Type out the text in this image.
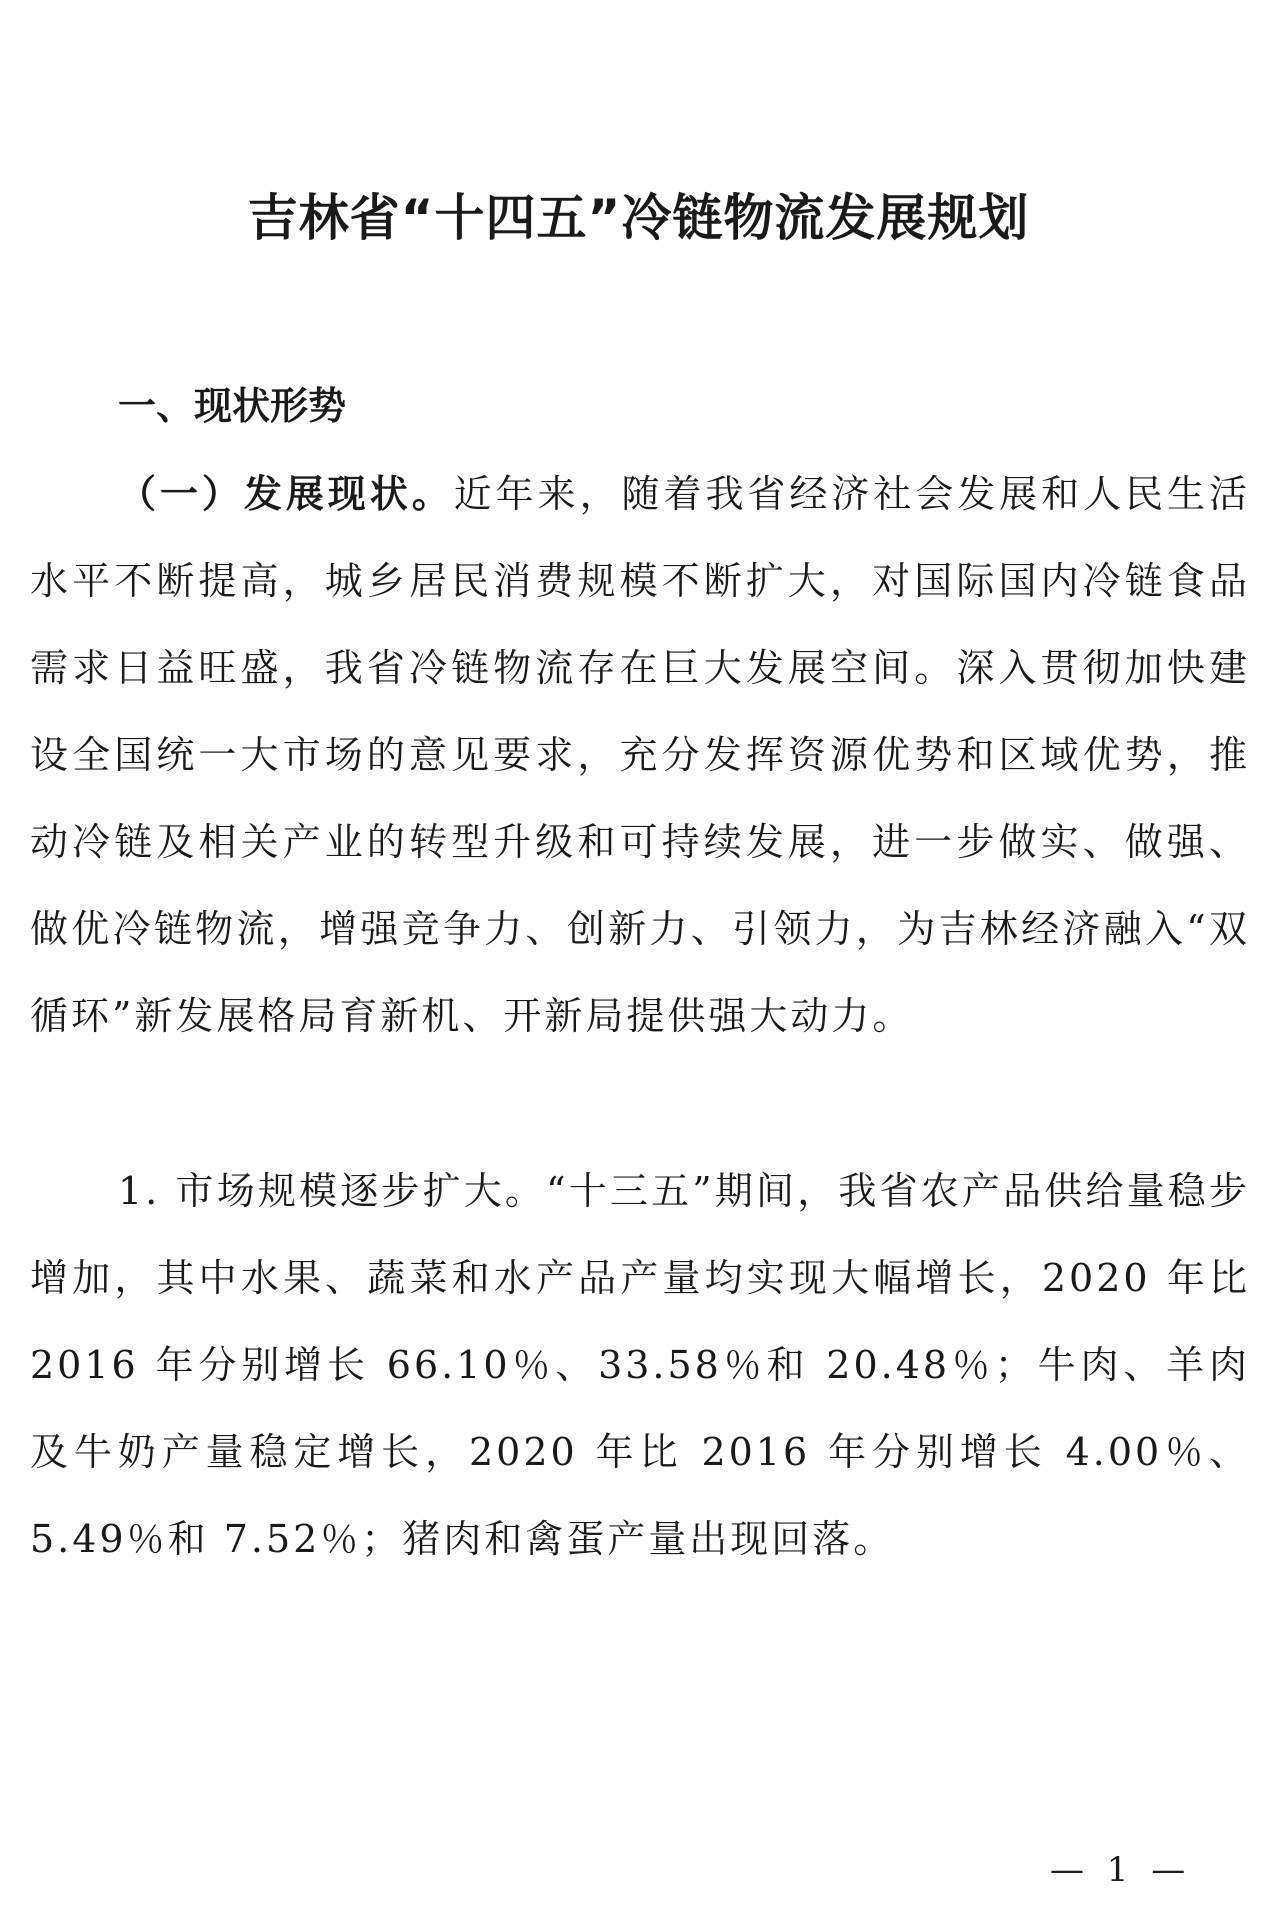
吉林省“十四五”冷链物流发展规划
一、现状形势

（一）发展现状。近年来，随着我省经济社会发展和人民生活水平不断提高，城乡居民消费规模不断扩大，对国际国内冷链食品需求日益旺盛，我省冷链物流存在巨大发展空间。深入贯彻加快建设全国统一大市场的意见要求，充分发挥资源优势和区域优势，推动冷链及相关产业的转型升级和可持续发展，进一步做实、做强、做优冷链物流，增强竞争力、创新力、引领力，为吉林经济融入“双循环”新发展格局育新机、开新局提供强大动力。

1. 市场规模逐步扩大。“十三五”期间，我省农产品供给量稳步增加，其中水果、蔬菜和水产品产量均实现大幅增长，2020 年比 2016 年分别增长 66.10％、33.58％和 20.48％；牛肉、羊肉及牛奶产量稳定增长，2020 年比 2016 年分别增长 4.00％、5.49％和 7.52％；猪肉和禽蛋产量出现回落。

— 1 —
